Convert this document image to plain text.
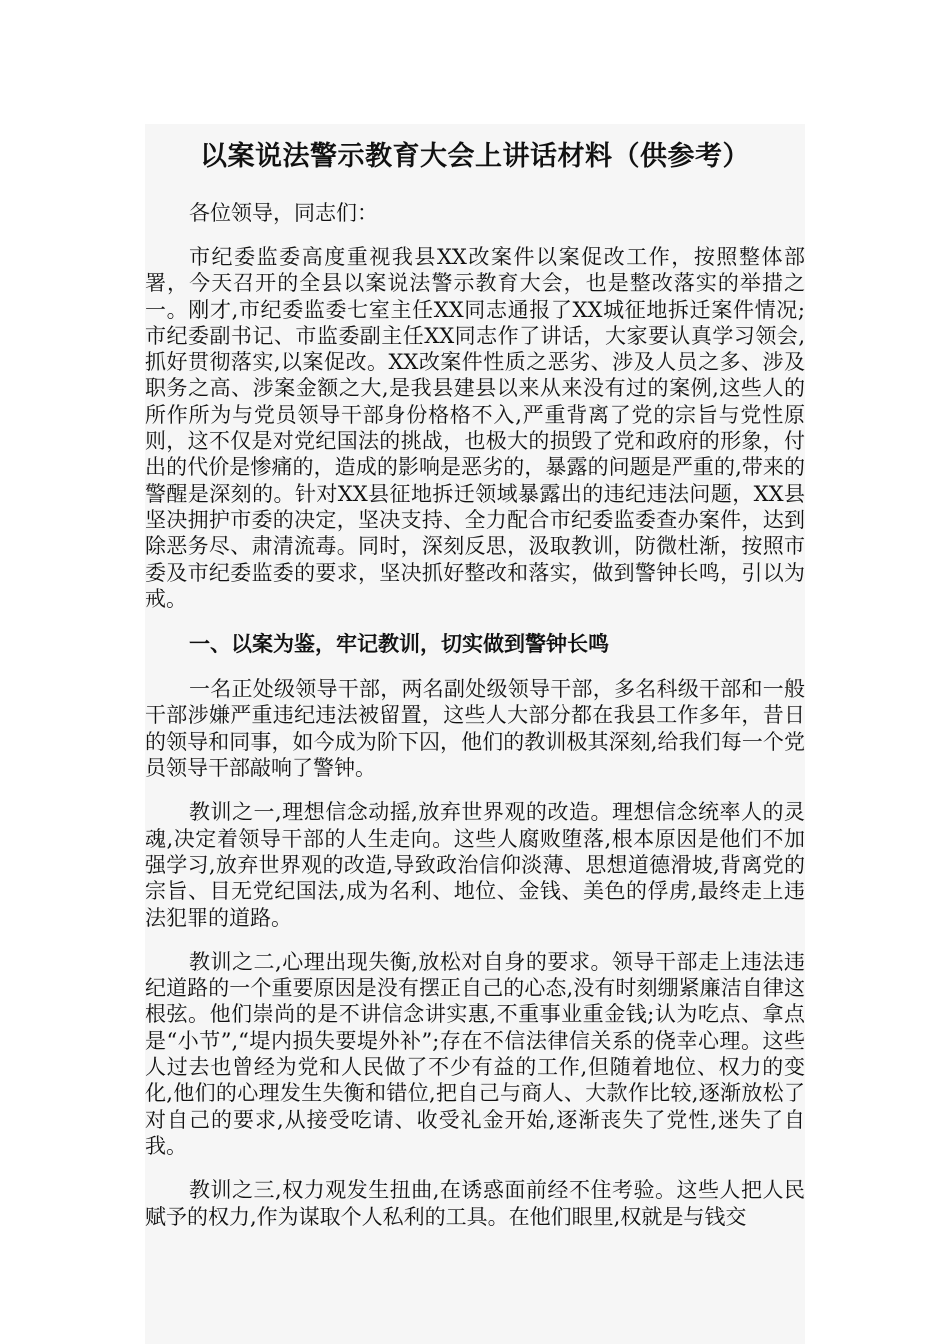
以案说法警示教育大会上讲话材料（供参考）
各位领导，同志们：

市纪委监委高度重视我县XX改案件以案促改工作，按照整体部署，今天召开的全县以案说法警示教育大会，也是整改落实的举措之一。刚才,市纪委监委七室主任XX同志通报了XX城征地拆迁案件情况;市纪委副书记、市监委副主任XX同志作了讲话，大家要认真学习领会,抓好贯彻落实,以案促改。XX改案件性质之恶劣、涉及人员之多、涉及职务之高、涉案金额之大,是我县建县以来从来没有过的案例,这些人的所作所为与党员领导干部身份格格不入,严重背离了党的宗旨与党性原则，这不仅是对党纪国法的挑战，也极大的损毁了党和政府的形象，付出的代价是惨痛的，造成的影响是恶劣的，暴露的问题是严重的,带来的警醒是深刻的。针对XX县征地拆迁领域暴露出的违纪违法问题，XX县坚决拥护市委的决定，坚决支持、全力配合市纪委监委查办案件，达到除恶务尽、肃清流毒。同时，深刻反思，汲取教训，防微杜渐，按照市委及市纪委监委的要求，坚决抓好整改和落实，做到警钟长鸣，引以为戒。

一、以案为鉴，牢记教训，切实做到警钟长鸣

一名正处级领导干部，两名副处级领导干部，多名科级干部和一般干部涉嫌严重违纪违法被留置，这些人大部分都在我县工作多年，昔日的领导和同事，如今成为阶下囚，他们的教训极其深刻,给我们每一个党员领导干部敲响了警钟。

教训之一,理想信念动摇,放弃世界观的改造。理想信念统率人的灵魂,决定着领导干部的人生走向。这些人腐败堕落,根本原因是他们不加强学习,放弃世界观的改造,导致政治信仰淡薄、思想道德滑坡,背离党的宗旨、目无党纪国法,成为名利、地位、金钱、美色的俘虏,最终走上违法犯罪的道路。

教训之二,心理出现失衡,放松对自身的要求。领导干部走上违法违纪道路的一个重要原因是没有摆正自己的心态,没有时刻绷紧廉洁自律这根弦。他们崇尚的是不讲信念讲实惠,不重事业重金钱;认为吃点、拿点是“小节”,“堤内损失要堤外补”;存在不信法律信关系的侥幸心理。这些人过去也曾经为党和人民做了不少有益的工作,但随着地位、权力的变化,他们的心理发生失衡和错位,把自己与商人、大款作比较,逐渐放松了对自己的要求,从接受吃请、收受礼金开始,逐渐丧失了党性,迷失了自我。

教训之三,权力观发生扭曲,在诱惑面前经不住考验。这些人把人民赋予的权力,作为谋取个人私利的工具。在他们眼里,权就是与钱交
